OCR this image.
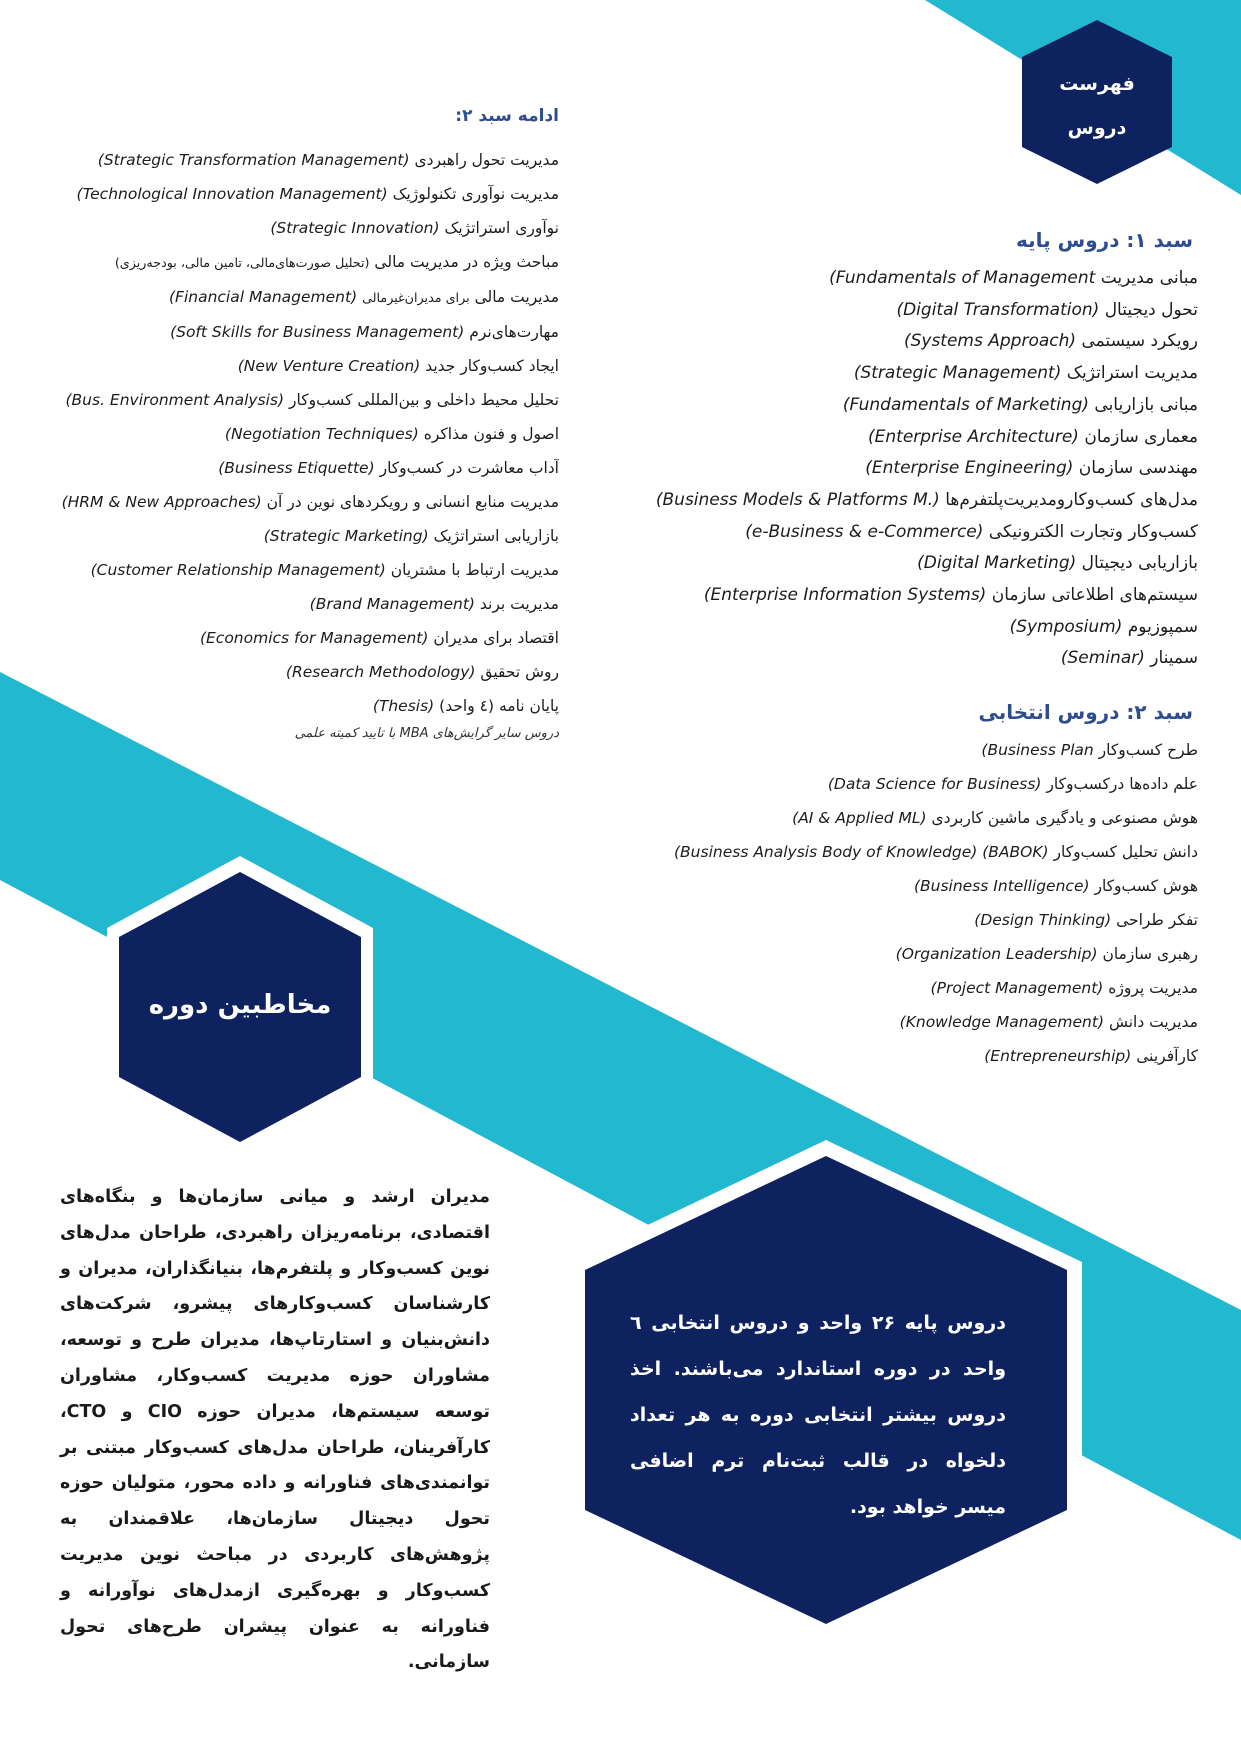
فهرست
دروس
سبد ۱: دروس پایه
مبانی مدیریت (Fundamentals of Management
تحول دیجیتال (Digital Transformation)
رویکرد سیستمی (Systems Approach)
مدیریت استراتژیک (Strategic Management)
مبانی بازاریابی (Fundamentals of Marketing)
معماری سازمان (Enterprise Architecture)
مهندسی سازمان (Enterprise Engineering)
مدل‌های کسب‌وکارومدیریت‌پلتفرم‌ها (Business Models & Platforms M.)
کسب‌وکار وتجارت الکترونیکی (e-Business & e-Commerce)
بازاریابی دیجیتال (Digital Marketing)
سیستم‌های اطلاعاتی سازمان (Enterprise Information Systems)
سمپوزیوم (Symposium)
سمینار (Seminar)
سبد ۲: دروس انتخابی
طرح کسب‌وکار (Business Plan
علم داده‌ها درکسب‌وکار (Data Science for Business)
هوش مصنوعی و یادگیری ماشین کاربردی (AI & Applied ML)
دانش تحلیل کسب‌وکار (Business Analysis Body of Knowledge) (BABOK)
هوش کسب‌وکار (Business Intelligence)
تفکر طراحی (Design Thinking)
رهبری سازمان (Organization Leadership)
مدیریت پروژه (Project Management)
مدیریت دانش (Knowledge Management)
کارآفرینی (Entrepreneurship)
ادامه سبد ۲:
مدیریت تحول راهبردی (Strategic Transformation Management)
مدیریت نوآوری تکنولوژیک (Technological Innovation Management)
نوآوری استراتژیک (Strategic Innovation)
مباحث ویژه در مدیریت مالی (تحلیل صورت‌های‌مالی، تامین مالی، بودجه‌ریزی)
مدیریت مالی برای مدیران‌غیرمالی (Financial Management)
مهارت‌های‌نرم (Soft Skills for Business Management)
ایجاد کسب‌وکار جدید (New Venture Creation)
تحلیل محیط داخلی و بین‌المللی کسب‌وکار (Bus. Environment Analysis)
اصول و فنون مذاکره (Negotiation Techniques)
آداب معاشرت در کسب‌وکار (Business Etiquette)
مدیریت منابع انسانی و رویکردهای نوین در آن (HRM & New Approaches)
بازاریابی استراتژیک (Strategic Marketing)
مدیریت ارتباط با مشتریان (Customer Relationship Management)
مدیریت برند (Brand Management)
اقتصاد برای مدیران (Economics for Management)
روش تحقیق (Research Methodology)
پایان نامه (٤ واحد) (Thesis)
دروس سایر گرایش‌های MBA با تایید کمیته علمی
مخاطبین دوره
مدیران ارشد و میانی سازمان‌ها و بنگاه‌های اقتصادی، برنامه‌ریزان راهبردی، طراحان مدل‌های نوین کسب‌وکار و پلتفرم‌ها، بنیانگذاران، مدیران و کارشناسان کسب‌وکارهای پیشرو، شرکت‌های دانش‌بنیان و استارتاپ‌ها، مدیران طرح و توسعه، مشاوران حوزه مدیریت کسب‌وکار، مشاوران توسعه سیستم‌ها، مدیران حوزه CIO و CTO، کارآفرینان، طراحان مدل‌های کسب‌وکار مبتنی بر توانمندی‌های فناورانه و داده محور، متولیان حوزه تحول دیجیتال سازمان‌ها، علاقمندان به پژوهش‌های کاربردی در مباحث نوین مدیریت کسب‌وکار و بهره‌گیری ازمدل‌های نوآورانه و فناورانه به عنوان پیشران طرح‌های تحول سازمانی.
دروس پایه ۲۶ واحد و دروس انتخابی ٦ واحد در دوره استاندارد می‌باشند. اخذ دروس بیشتر انتخابی دوره به هر تعداد دلخواه در قالب ثبت‌نام ترم اضافی میسر خواهد بود.
